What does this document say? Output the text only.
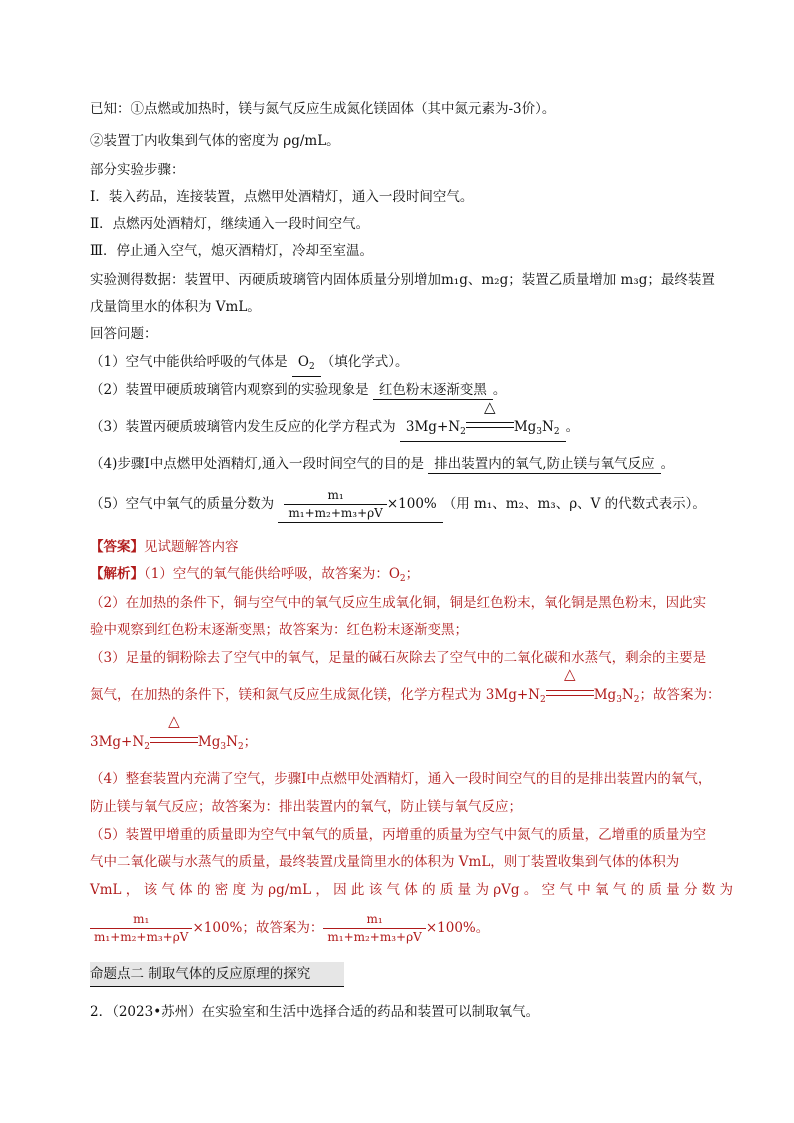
已知：①点燃或加热时，镁与氮气反应生成氮化镁固体（其中氮元素为-3价）。
②装置丁内收集到气体的密度为 ρg/mL。
部分实验步骤：
Ⅰ．装入药品，连接装置，点燃甲处酒精灯，通入一段时间空气。
Ⅱ．点燃丙处酒精灯，继续通入一段时间空气。
Ⅲ．停止通入空气，熄灭酒精灯，冷却至室温。
实验测得数据：装置甲、丙硬质玻璃管内固体质量分别增加m₁g、m₂g；装置乙质量增加 m₃g；最终装置
戊量筒里水的体积为 VmL。
回答问题：
（1）空气中能供给呼吸的气体是 $O_2$ （填化学式）。
（2）装置甲硬质玻璃管内观察到的实验现象是 红色粉末逐渐变黑 。
（3）装置丙硬质玻璃管内发生反应的化学方程式为 $3Mg+N_2$
△
$Mg_3N_2$ 。
（4)步骤Ⅰ中点燃甲处酒精灯,通入一段时间空气的目的是 排出装置内的氧气,防止镁与氧气反应 。
（5）空气中氧气的质量分数为 $\frac{\text{m₁}}{\text{m₁+m₂+m₃+ρV}} \times 100\%$ （用 m₁、m₂、m₃、ρ、V 的代数式表示）。
【答案】见试题解答内容
【解析】（1）空气的氧气能供给呼吸，故答案为：$O_2$；
（2）在加热的条件下，铜与空气中的氧气反应生成氧化铜，铜是红色粉末，氧化铜是黑色粉末，因此实
验中观察到红色粉末逐渐变黑；故答案为：红色粉末逐渐变黑；
（3）足量的铜粉除去了空气中的氧气，足量的碱石灰除去了空气中的二氧化碳和水蒸气，剩余的主要是
氮气，在加热的条件下，镁和氮气反应生成氮化镁，化学方程式为 $3Mg+N_2$
△
$Mg_3N_2$；故答案为：
$3Mg+N_2$
△
$Mg_3N_2$；
（4）整套装置内充满了空气，步骤Ⅰ中点燃甲处酒精灯，通入一段时间空气的目的是排出装置内的氧气，
防止镁与氧气反应；故答案为：排出装置内的氧气，防止镁与氧气反应；
（5）装置甲增重的质量即为空气中氧气的质量，丙增重的质量为空气中氮气的质量，乙增重的质量为空
气中二氧化碳与水蒸气的质量，最终装置戊量筒里水的体积为 VmL，则丁装置收集到气体的体积为
VmL ， 该 气 体 的 密 度 为 ρg/mL ， 因 此 该 气 体 的 质 量 为 ρVg 。 空 气 中 氧 气 的 质 量 分 数 为
$\frac{\text{m₁}}{\text{m₁+m₂+m₃+ρV}} \times 100\%$；故答案为： $\frac{\text{m₁}}{\text{m₁+m₂+m₃+ρV}} \times 100\%$。
命题点二 制取气体的反应原理的探究
2．（2023•苏州）在实验室和生活中选择合适的药品和装置可以制取氧气。
